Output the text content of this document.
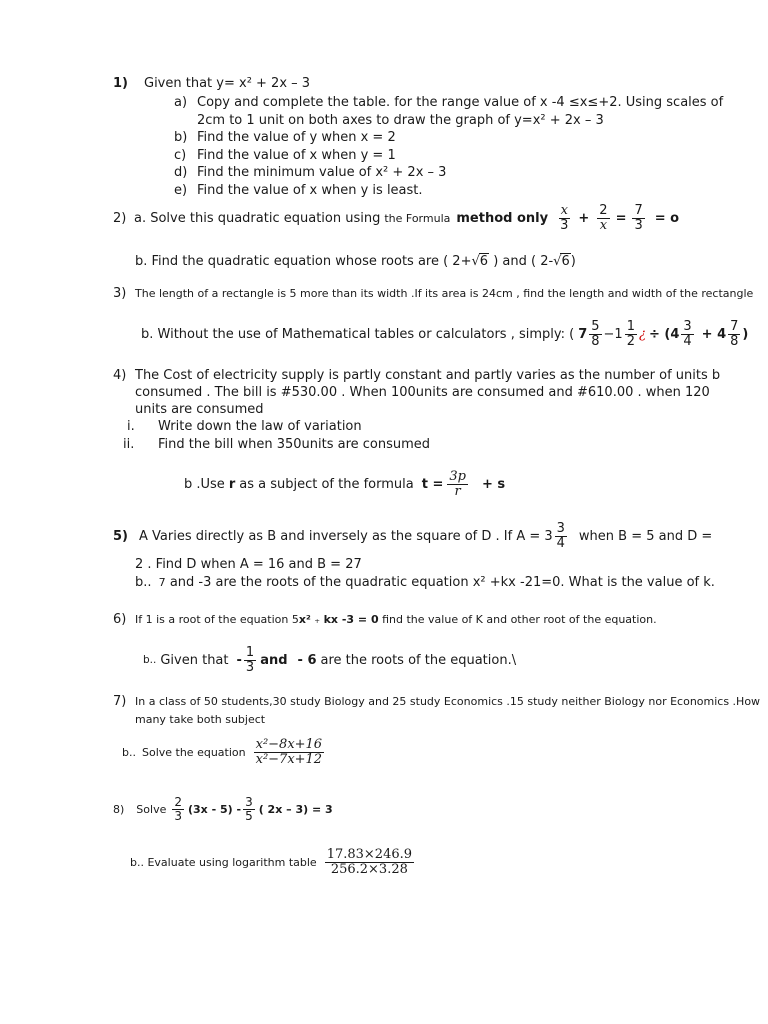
1) Given that y= x² + 2x – 3
a) Copy and complete the table. for the range value of x -4 ≤x≤+2. Using scales of
2cm to 1 unit on both axes to draw the graph of y=x² + 2x – 3
b) Find the value of y when x = 2
c) Find the value of x when y = 1
d) Find the minimum value of x² + 2x – 3
e) Find the value of x when y is least.
2) a. Solve this quadratic equation using the Formula method only $\frac{x}{3} + \frac{2}{x} = \frac{7}{3} = o$
b. Find the quadratic equation whose roots are ( 2+√6 ) and ( 2-√6)
3) The length of a rectangle is 5 more than its width .If its area is 24cm , find the length and width of the rectangle
b. Without the use of Mathematical tables or calculators , simply: ( $7 \frac{5}{8} -1 \frac{1}{2}$ ¿ ÷ ( $4 \frac{3}{4} + 4 \frac{7}{8}$ )
4) The Cost of electricity supply is partly constant and partly varies as the number of units b
consumed . The bill is #530.00 . When 100units are consumed and #610.00 . when 120
units are consumed
i. Write down the law of variation
ii. Find the bill when 350units are consumed
b .Use r as a subject of the formula $t = \frac{3p}{r} + s$
5) A Varies directly as B and inversely as the square of D . If $A = 3 \frac{3}{4}$ when B = 5 and D =
2 . Find D when A = 16 and B = 27
b.. 7 and -3 are the roots of the quadratic equation x² +kx -21=0. What is the value of k.
6) If 1 is a root of the equation 5x² ₊ kx -3 = 0 find the value of K and other root of the equation.
b.. Given that - $\frac{1}{3}$ and - 6 are the roots of the equation.\
7) In a class of 50 students,30 study Biology and 25 study Economics .15 study neither Biology nor Economics .How
many take both subject
b.. Solve the equation $\frac{\text{x²−8x+16}}{\text{x²−7x+12}}$
8) Solve $\frac{2}{3} (3x - 5) - \frac{3}{5}$ ( 2x – 3) = 3
b.. Evaluate using logarithm table $\frac{17.83\times 246.9}{256.2\times 3.28}$
